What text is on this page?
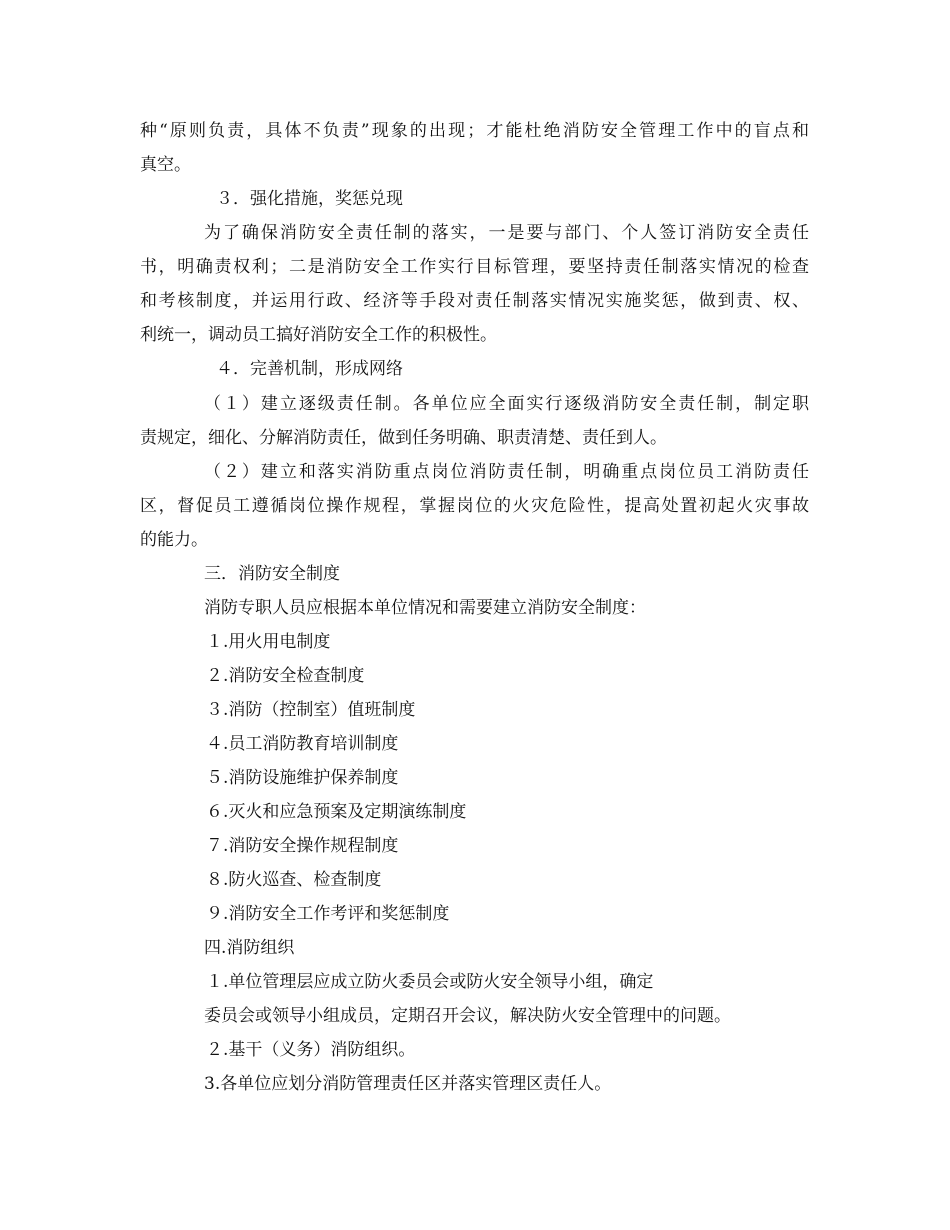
种“原则负责，具体不负责”现象的出现；才能杜绝消防安全管理工作中的盲点和

真空。

３．强化措施，奖惩兑现

为了确保消防安全责任制的落实，一是要与部门、个人签订消防安全责任

书，明确责权利；二是消防安全工作实行目标管理，要坚持责任制落实情况的检查

和考核制度，并运用行政、经济等手段对责任制落实情况实施奖惩，做到责、权、

利统一，调动员工搞好消防安全工作的积极性。

４．完善机制，形成网络

（１）建立逐级责任制。各单位应全面实行逐级消防安全责任制，制定职

责规定，细化、分解消防责任，做到任务明确、职责清楚、责任到人。

（２）建立和落实消防重点岗位消防责任制，明确重点岗位员工消防责任

区，督促员工遵循岗位操作规程，掌握岗位的火灾危险性，提高处置初起火灾事故

的能力。

三．消防安全制度

消防专职人员应根据本单位情况和需要建立消防安全制度：

１.用火用电制度

２.消防安全检查制度

３.消防（控制室）值班制度

４.员工消防教育培训制度

５.消防设施维护保养制度

６.灭火和应急预案及定期演练制度

７.消防安全操作规程制度

８.防火巡查、检查制度

９.消防安全工作考评和奖惩制度

四.消防组织

１.单位管理层应成立防火委员会或防火安全领导小组，确定

委员会或领导小组成员，定期召开会议，解决防火安全管理中的问题。

２.基干（义务）消防组织。

3.各单位应划分消防管理责任区并落实管理区责任人。
